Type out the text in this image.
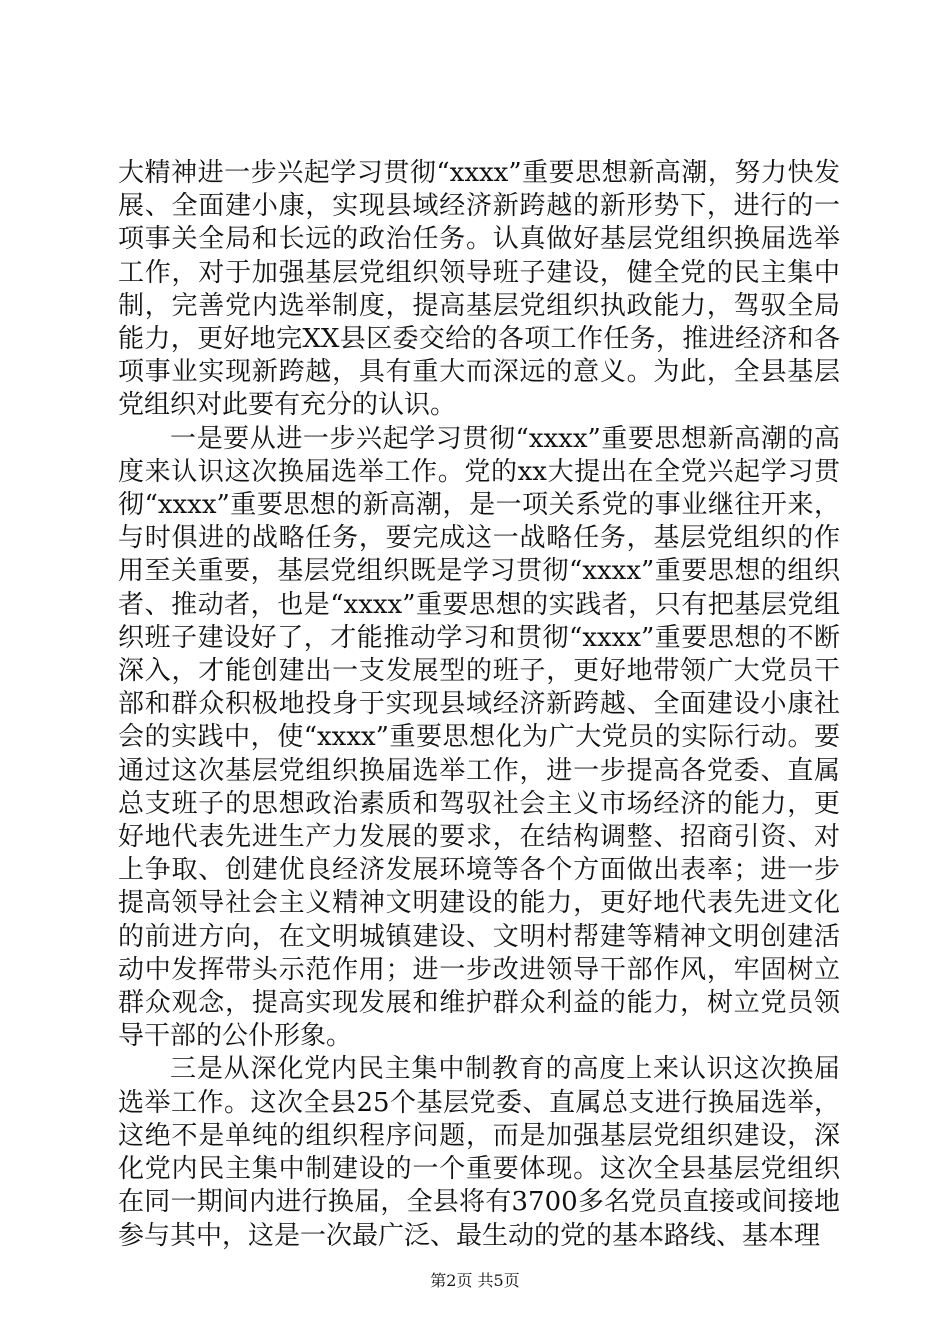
大精神进一步兴起学习贯彻“xxxx”重要思想新高潮，努力快发展、全面建小康，实现县域经济新跨越的新形势下，进行的一项事关全局和长远的政治任务。认真做好基层党组织换届选举工作，对于加强基层党组织领导班子建设，健全党的民主集中制，完善党内选举制度，提高基层党组织执政能力，驾驭全局能力，更好地完XX县区委交给的各项工作任务，推进经济和各项事业实现新跨越，具有重大而深远的意义。为此，全县基层党组织对此要有充分的认识。

一是要从进一步兴起学习贯彻“xxxx”重要思想新高潮的高度来认识这次换届选举工作。党的xx大提出在全党兴起学习贯彻“xxxx”重要思想的新高潮，是一项关系党的事业继往开来，与时俱进的战略任务，要完成这一战略任务，基层党组织的作用至关重要，基层党组织既是学习贯彻“xxxx”重要思想的组织者、推动者，也是“xxxx”重要思想的实践者，只有把基层党组织班子建设好了，才能推动学习和贯彻“xxxx”重要思想的不断深入，才能创建出一支发展型的班子，更好地带领广大党员干部和群众积极地投身于实现县域经济新跨越、全面建设小康社会的实践中，使“xxxx”重要思想化为广大党员的实际行动。要通过这次基层党组织换届选举工作，进一步提高各党委、直属总支班子的思想政治素质和驾驭社会主义市场经济的能力，更好地代表先进生产力发展的要求，在结构调整、招商引资、对上争取、创建优良经济发展环境等各个方面做出表率；进一步提高领导社会主义精神文明建设的能力，更好地代表先进文化的前进方向，在文明城镇建设、文明村帮建等精神文明创建活动中发挥带头示范作用；进一步改进领导干部作风，牢固树立群众观念，提高实现发展和维护群众利益的能力，树立党员领导干部的公仆形象。

三是从深化党内民主集中制教育的高度上来认识这次换届选举工作。这次全县25个基层党委、直属总支进行换届选举，这绝不是单纯的组织程序问题，而是加强基层党组织建设，深化党内民主集中制建设的一个重要体现。这次全县基层党组织在同一期间内进行换届，全县将有3700多名党员直接或间接地参与其中，这是一次最广泛、最生动的党的基本路线、基本理

第2页 共5页
